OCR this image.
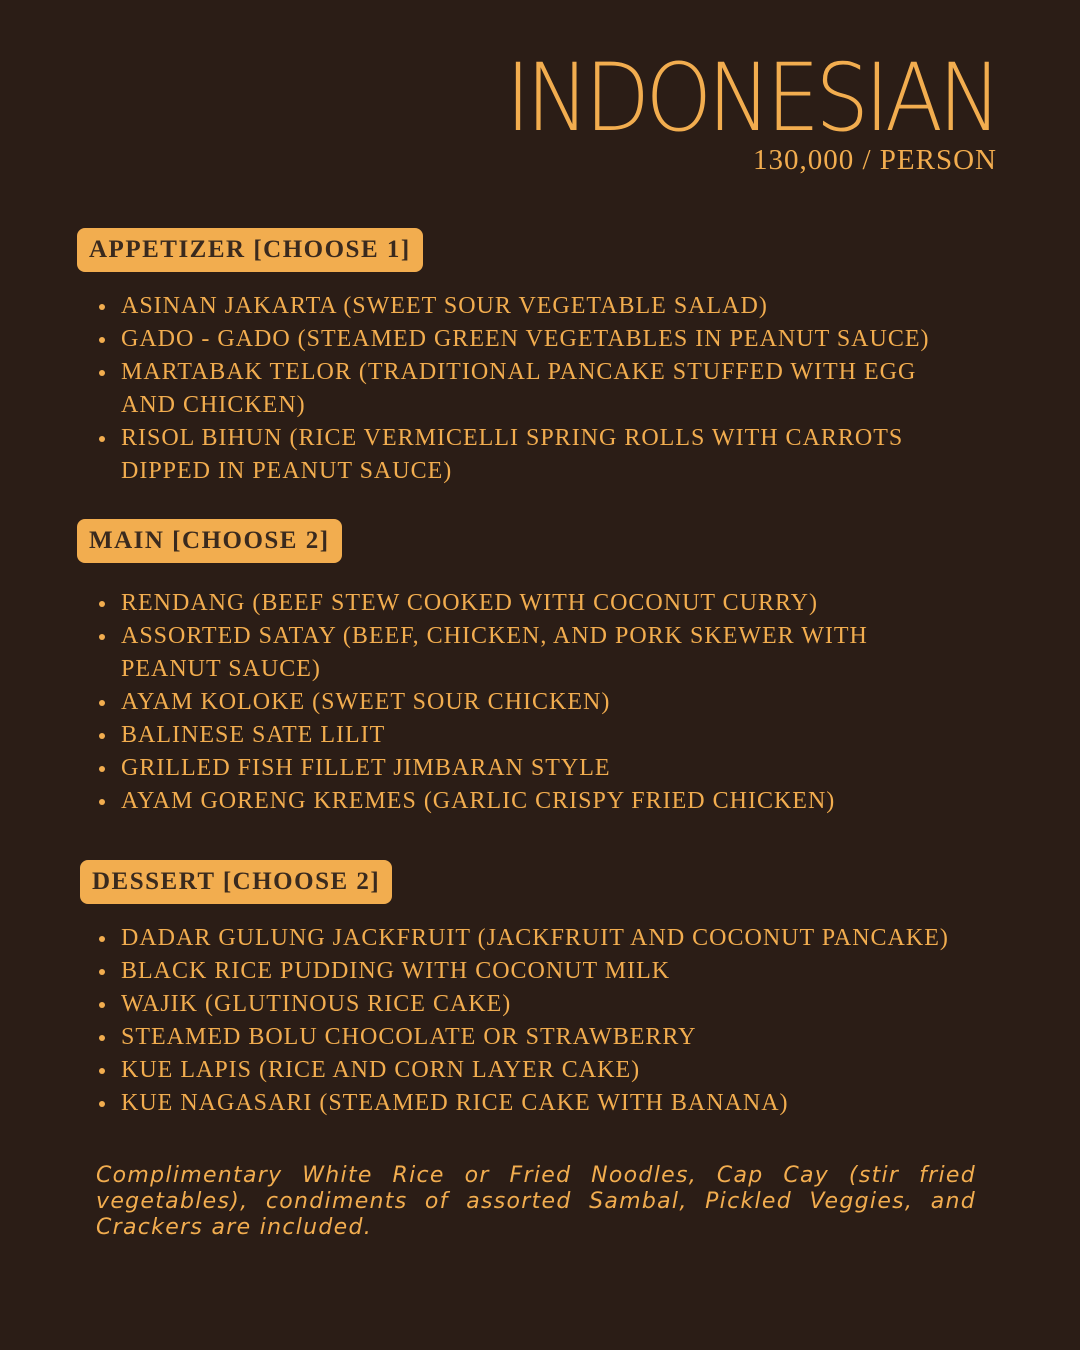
INDONESIAN
130,000 / PERSON
APPETIZER [CHOOSE 1]
ASINAN JAKARTA (SWEET SOUR VEGETABLE SALAD)
GADO - GADO (STEAMED GREEN VEGETABLES IN PEANUT SAUCE)
MARTABAK TELOR (TRADITIONAL PANCAKE STUFFED WITH EGG AND CHICKEN)
RISOL BIHUN (RICE VERMICELLI SPRING ROLLS WITH CARROTS DIPPED IN PEANUT SAUCE)
MAIN [CHOOSE 2]
RENDANG (BEEF STEW COOKED WITH COCONUT CURRY)
ASSORTED SATAY (BEEF, CHICKEN, AND PORK SKEWER WITH PEANUT SAUCE)
AYAM KOLOKE (SWEET SOUR CHICKEN)
BALINESE SATE LILIT
GRILLED FISH FILLET JIMBARAN STYLE
AYAM GORENG KREMES (GARLIC CRISPY FRIED CHICKEN)
DESSERT [CHOOSE 2]
DADAR GULUNG JACKFRUIT (JACKFRUIT AND COCONUT PANCAKE)
BLACK RICE PUDDING WITH COCONUT MILK
WAJIK (GLUTINOUS RICE CAKE)
STEAMED BOLU CHOCOLATE OR STRAWBERRY
KUE LAPIS (RICE AND CORN LAYER CAKE)
KUE NAGASARI (STEAMED RICE CAKE WITH BANANA)
Complimentary White Rice or Fried Noodles, Cap Cay (stir fried vegetables), condiments of assorted Sambal, Pickled Veggies, and Crackers are included.
